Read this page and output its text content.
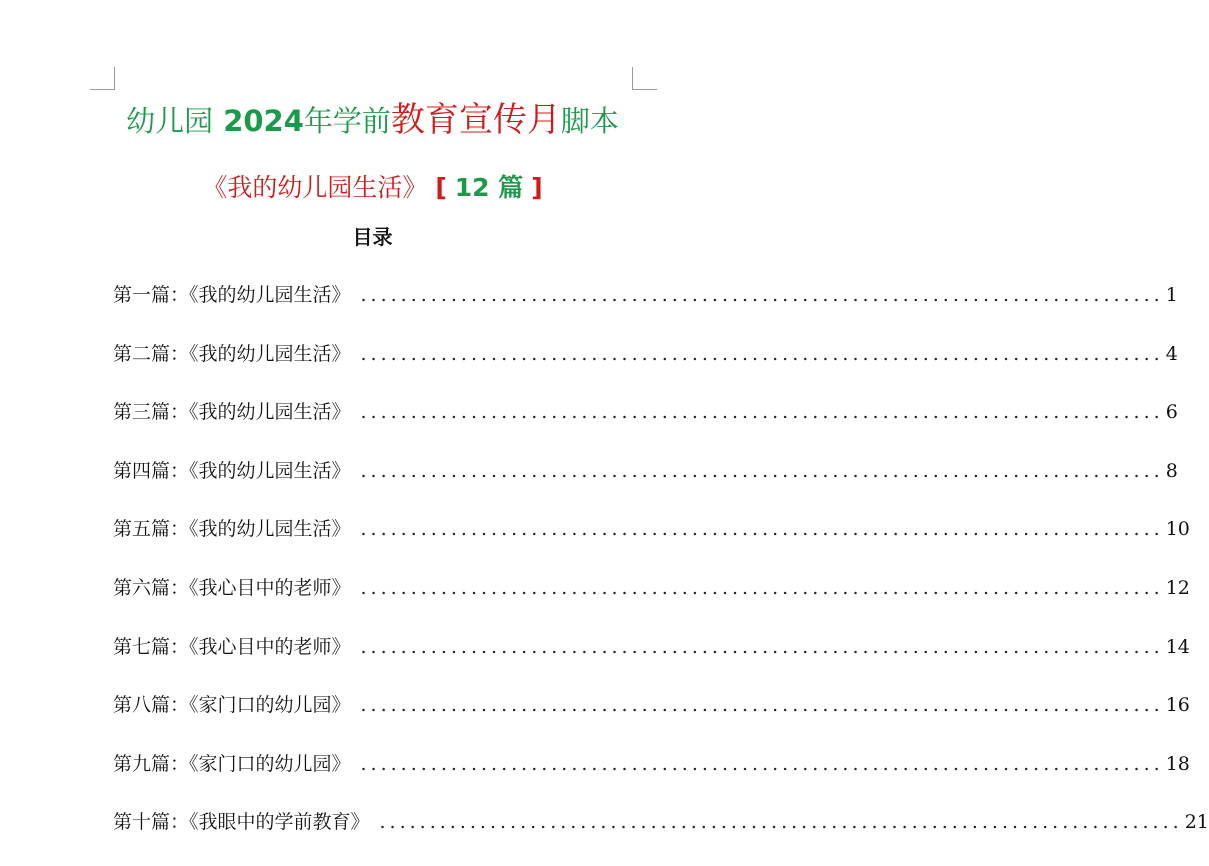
幼儿园 2024年学前教育宣传月脚本
《我的幼儿园生活》 [ 12 篇 ]
目录
第一篇：《我的幼儿园生活》 ................................................................................ 1
第二篇：《我的幼儿园生活》 ................................................................................ 4
第三篇：《我的幼儿园生活》 ................................................................................ 6
第四篇：《我的幼儿园生活》 ................................................................................ 8
第五篇：《我的幼儿园生活》 ................................................................................ 10
第六篇：《我心目中的老师》 ................................................................................ 12
第七篇：《我心目中的老师》 ................................................................................ 14
第八篇：《家门口的幼儿园》 ................................................................................ 16
第九篇：《家门口的幼儿园》 ................................................................................ 18
第十篇：《我眼中的学前教育》 ................................................................................ 21
